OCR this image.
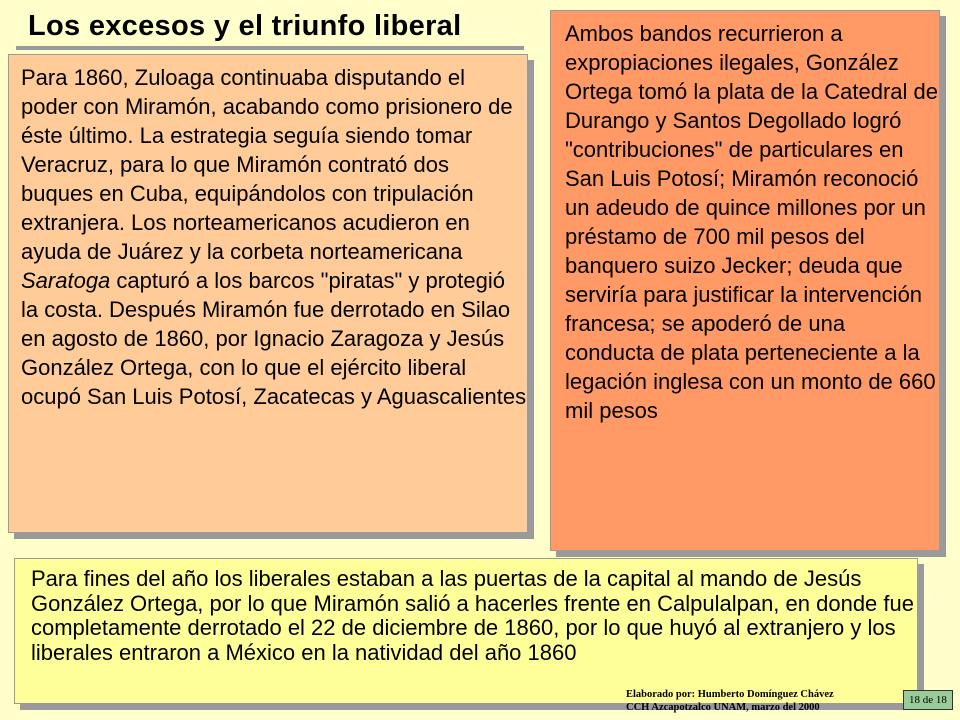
Los excesos y el triunfo liberal

Para 1860, Zuloaga continuaba disputando el poder con Miramón, acabando como prisionero de éste último. La estrategia seguía siendo tomar Veracruz, para lo que Miramón contrató dos buques en Cuba, equipándolos con tripulación extranjera. Los norteamericanos acudieron en ayuda de Juárez y la corbeta norteamericana Saratoga capturó a los barcos "piratas" y protegió la costa. Después Miramón fue derrotado en Silao en agosto de 1860, por Ignacio Zaragoza y Jesús González Ortega, con lo que el ejército liberal ocupó San Luis Potosí, Zacatecas y Aguascalientes

Ambos bandos recurrieron a expropiaciones ilegales, González Ortega tomó la plata de la Catedral de Durango y Santos Degollado logró "contribuciones" de particulares en San Luis Potosí; Miramón reconoció un adeudo de quince millones por un préstamo de 700 mil pesos del banquero suizo Jecker; deuda que serviría para justificar la intervención francesa; se apoderó de una conducta de plata perteneciente a la legación inglesa con un monto de 660 mil pesos

Para fines del año los liberales estaban a las puertas de la capital al mando de Jesús González Ortega, por lo que Miramón salió a hacerles frente en Calpulalpan, en donde fue completamente derrotado el 22 de diciembre de 1860, por lo que huyó al extranjero y los liberales entraron a México en la natividad del año 1860

Elaborado por: Humberto Domínguez Chávez
CCH Azcapotzalco UNAM, marzo del 2000
18 de 18
